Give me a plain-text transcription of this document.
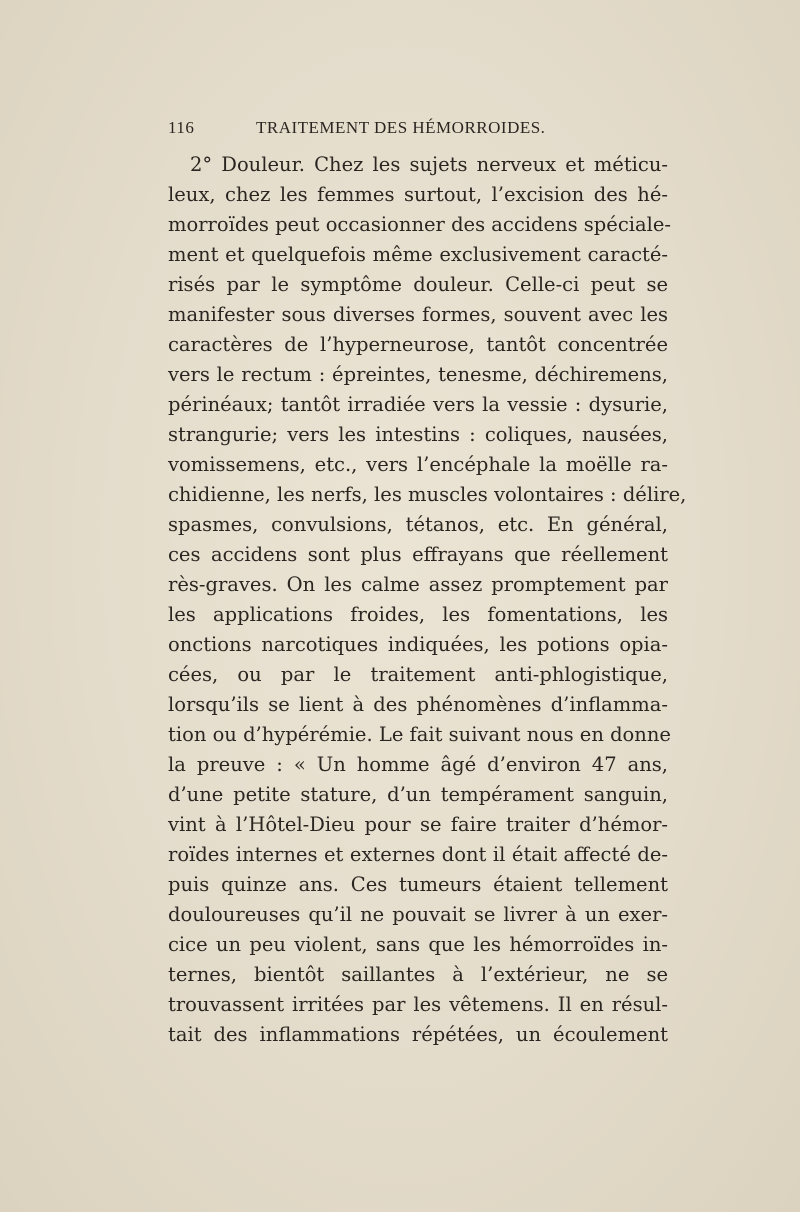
116	TRAITEMENT DES HÉMORROIDES.
2° Douleur. Chez les sujets nerveux et méticu-
leux, chez les femmes surtout, l’excision des hé-
morroïdes peut occasionner des accidens spéciale-
ment et quelquefois même exclusivement caracté-
risés par le symptôme douleur. Celle-ci peut se
manifester sous diverses formes, souvent avec les
caractères de l’hyperneurose, tantôt concentrée
vers le rectum : épreintes, tenesme, déchiremens,
périnéaux; tantôt irradiée vers la vessie : dysurie,
strangurie; vers les intestins : coliques, nausées,
vomissemens, etc., vers l’encéphale la moëlle ra-
chidienne, les nerfs, les muscles volontaires : délire,
spasmes, convulsions, tétanos, etc. En général,
ces accidens sont plus effrayans que réellement
rès-graves. On les calme assez promptement par
les applications froides, les fomentations, les
onctions narcotiques indiquées, les potions opia-
cées, ou par le traitement anti-phlogistique,
lorsqu’ils se lient à des phénomènes d’inflamma-
tion ou d’hypérémie. Le fait suivant nous en donne
la preuve : « Un homme âgé d’environ 47 ans,
d’une petite stature, d’un tempérament sanguin,
vint à l’Hôtel-Dieu pour se faire traiter d’hémor-
roïdes internes et externes dont il était affecté de-
puis quinze ans. Ces tumeurs étaient tellement
douloureuses qu’il ne pouvait se livrer à un exer-
cice un peu violent, sans que les hémorroïdes in-
ternes, bientôt saillantes à l’extérieur, ne se
trouvassent irritées par les vêtemens. Il en résul-
tait des inflammations répétées, un écoulement
